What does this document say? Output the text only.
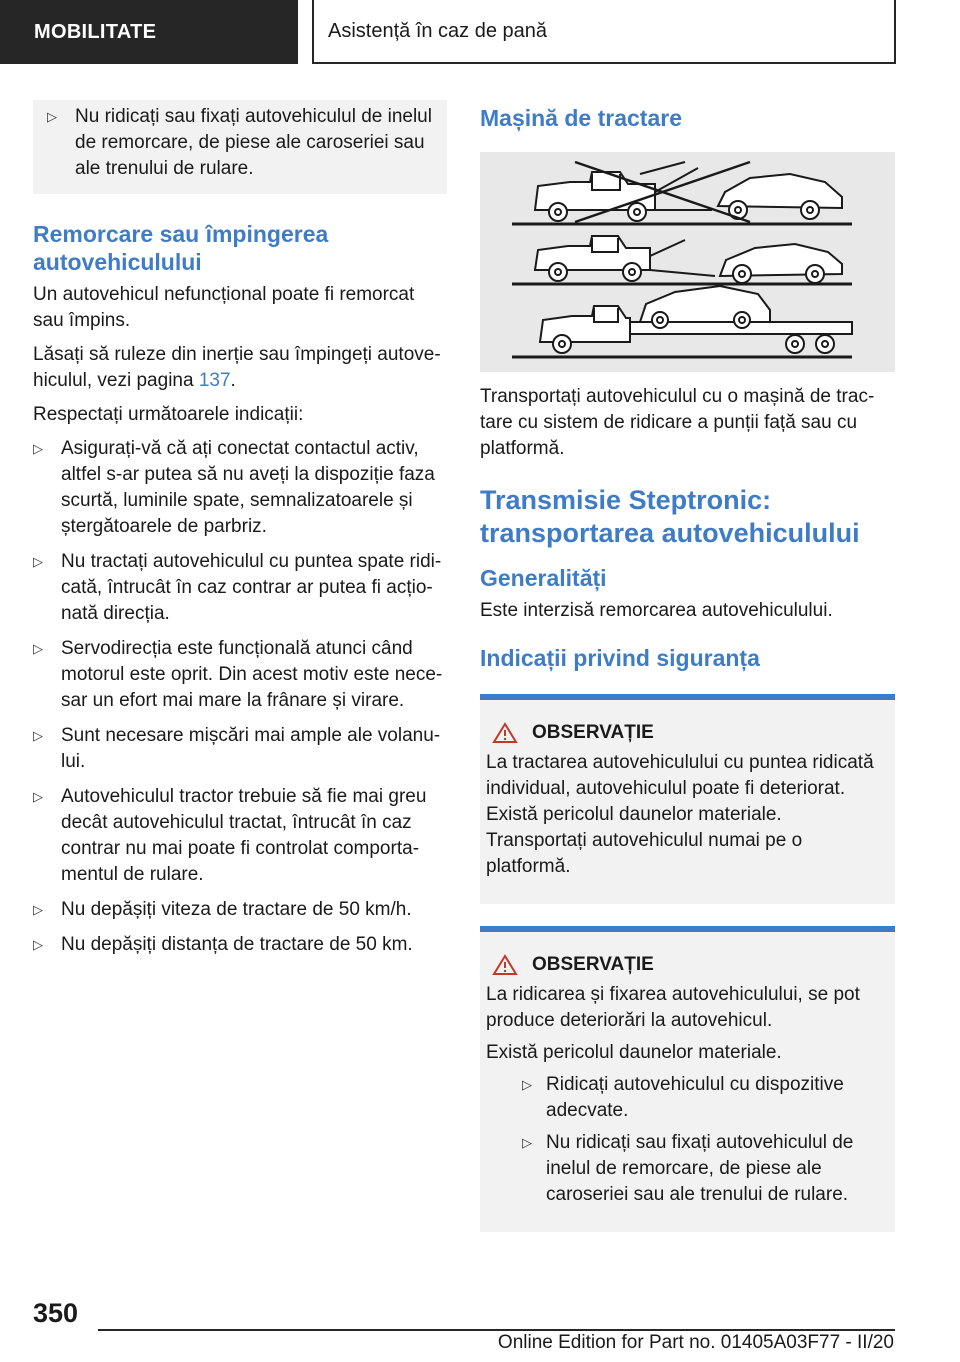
MOBILITATE	Asistență în caz de pană
▷ Nu ridicați sau fixați autovehiculul de inelul de remorcare, de piese ale caroseriei sau ale trenului de rulare.
Remorcare sau împingerea autovehiculului
Un autovehicul nefuncțional poate fi remorcat sau împins.
Lăsați să ruleze din inerție sau împingeți autovehiculul, vezi pagina 137.
Respectați următoarele indicații:
▷ Asigurați-vă că ați conectat contactul activ, altfel s-ar putea să nu aveți la dispoziție faza scurtă, luminile spate, semnalizatoarele și ștergătoarele de parbriz.
▷ Nu tractați autovehiculul cu puntea spate ridicată, întrucât în caz contrar ar putea fi acționată direcția.
▷ Servodirecția este funcțională atunci când motorul este oprit. Din acest motiv este necesar un efort mai mare la frânare și virare.
▷ Sunt necesare mișcări mai ample ale volanului.
▷ Autovehiculul tractor trebuie să fie mai greu decât autovehiculul tractat, întrucât în caz contrar nu mai poate fi controlat comportamentul de rulare.
▷ Nu depășiți viteza de tractare de 50 km/h.
▷ Nu depășiți distanța de tractare de 50 km.
Mașină de tractare
Transportați autovehiculul cu o mașină de tractare cu sistem de ridicare a punții față sau cu platformă.
Transmisie Steptronic: transportarea autovehiculului
Generalități
Este interzisă remorcarea autovehiculului.
Indicații privind siguranța
OBSERVAȚIE
La tractarea autovehiculului cu puntea ridicată individual, autovehiculul poate fi deteriorat. Există pericolul daunelor materiale. Transportați autovehiculul numai pe o platformă.
OBSERVAȚIE
La ridicarea și fixarea autovehiculului, se pot produce deteriorări la autovehicul.
Există pericolul daunelor materiale.
▷ Ridicați autovehiculul cu dispozitive adecvate.
▷ Nu ridicați sau fixați autovehiculul de inelul de remorcare, de piese ale caroseriei sau ale trenului de rulare.
350
Online Edition for Part no. 01405A03F77 - II/20
